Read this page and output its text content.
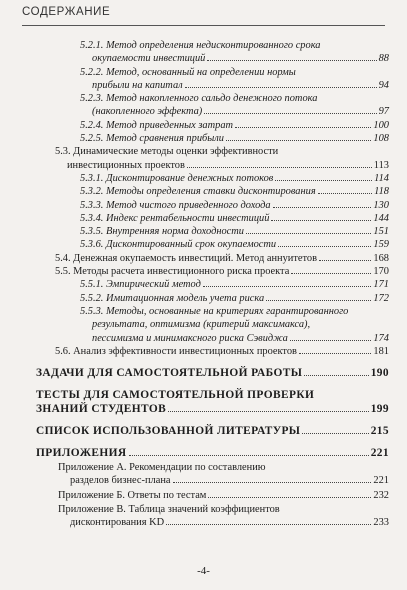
СОДЕРЖАНИЕ
5.2.1. Метод определения недисконтированного срока
окупаемости инвестиций	88
5.2.2. Метод, основанный на определении нормы
прибыли на капитал	94
5.2.3. Метод накопленного сальдо денежного потока
(накопленного эффекта)	97
5.2.4. Метод приведенных затрат	100
5.2.5. Метод сравнения прибыли	108
5.3. Динамические методы оценки эффективности
инвестиционных проектов	113
5.3.1. Дисконтирование денежных потоков	114
5.3.2. Методы определения ставки дисконтирования	118
5.3.3. Метод чистого приведенного дохода	130
5.3.4. Индекс рентабельности инвестиций	144
5.3.5. Внутренняя норма доходности	151
5.3.6. Дисконтированный срок окупаемости	159
5.4. Денежная окупаемость инвестиций. Метод аннуитетов	168
5.5. Методы расчета инвестиционного риска проекта	170
5.5.1. Эмпирический метод	171
5.5.2. Имитационная модель учета риска	172
5.5.3. Методы, основанные на критериях гарантированного
результата, оптимизма (критерий максимакса),
пессимизма и минимаксного риска Сэвиджа	174
5.6. Анализ эффективности инвестиционных проектов	181
ЗАДАЧИ ДЛЯ САМОСТОЯТЕЛЬНОЙ РАБОТЫ	190
ТЕСТЫ ДЛЯ САМОСТОЯТЕЛЬНОЙ ПРОВЕРКИ
ЗНАНИЙ СТУДЕНТОВ	199
СПИСОК ИСПОЛЬЗОВАННОЙ ЛИТЕРАТУРЫ	215
ПРИЛОЖЕНИЯ	221
Приложение А. Рекомендации по составлению
разделов бизнес-плана	221
Приложение Б. Ответы по тестам	232
Приложение В. Таблица значений коэффициентов
дисконтирования KD	233
-4-
